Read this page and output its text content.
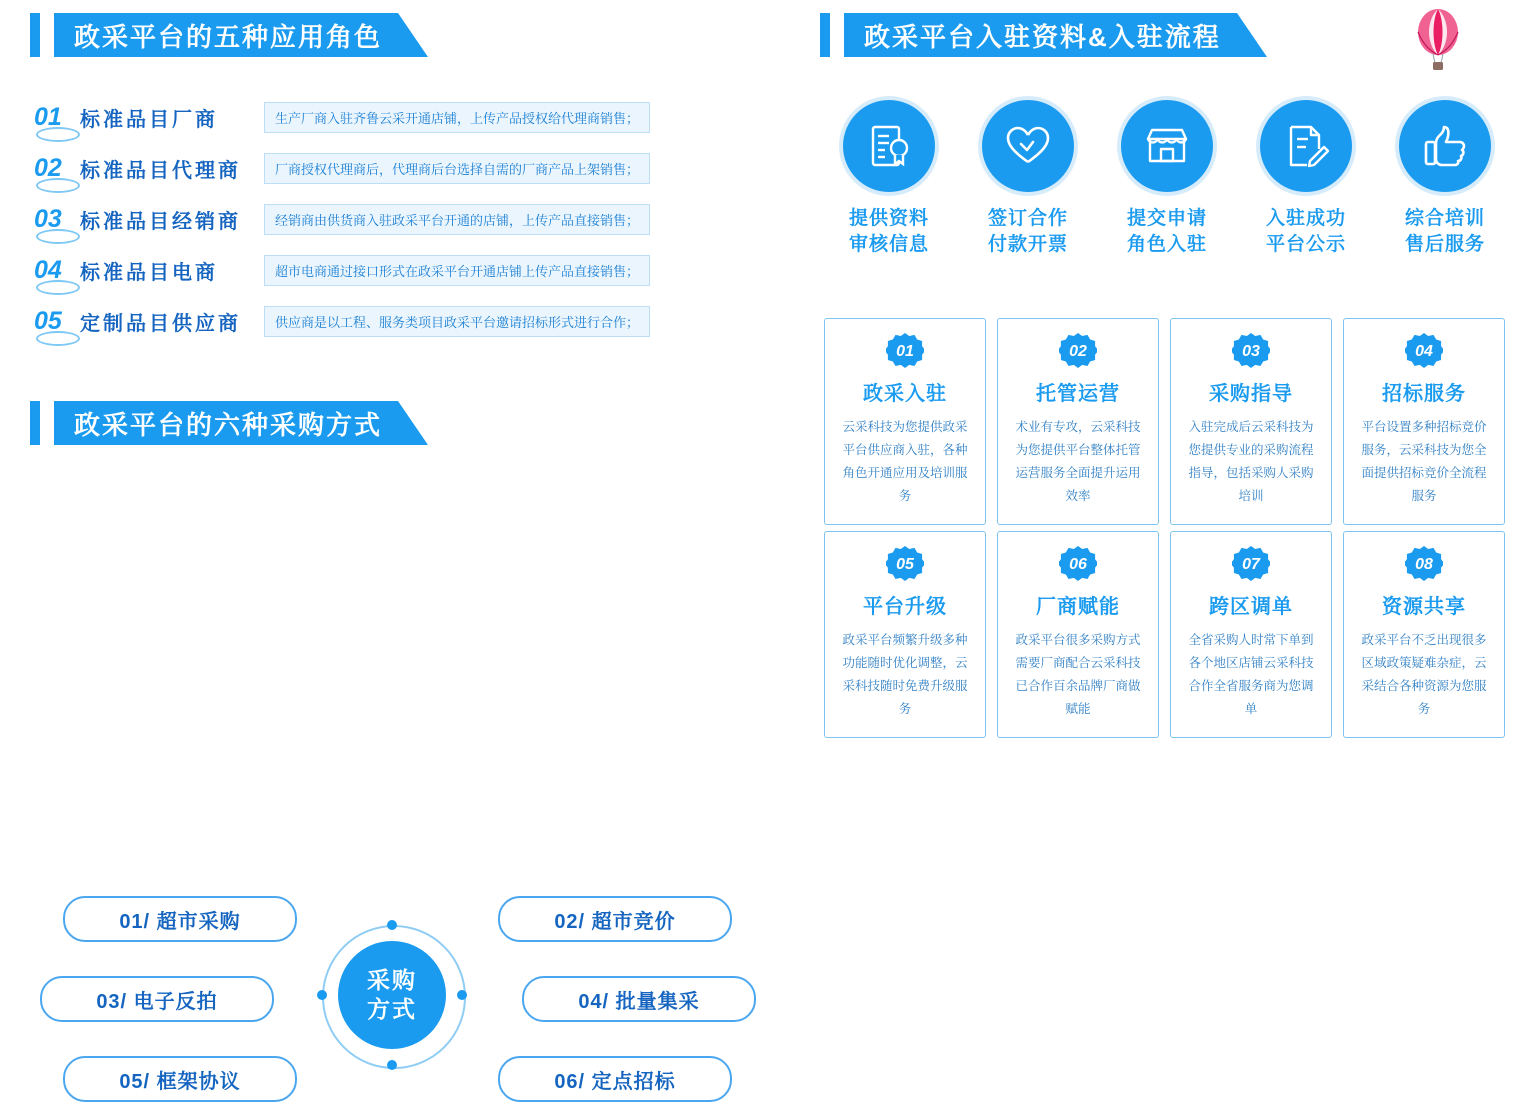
政采平台的五种应用角色
01 标准品目厂商	生产厂商入驻齐鲁云采开通店铺，上传产品授权给代理商销售；
02 标准品目代理商	厂商授权代理商后，代理商后台选择自需的厂商产品上架销售；
03 标准品目经销商	经销商由供货商入驻政采平台开通的店铺，上传产品直接销售；
04 标准品目电商	超市电商通过接口形式在政采平台开通店铺上传产品直接销售；
05 定制品目供应商	供应商是以工程、服务类项目政采平台邀请招标形式进行合作；
政采平台的六种采购方式
采购
方式
01/ 超市采购	02/ 超市竞价
03/ 电子反拍	04/ 批量集采
05/ 框架协议	06/ 定点招标
政采平台入驻资料&入驻流程
提供资料
审核信息
签订合作
付款开票
提交申请
角色入驻
入驻成功
平台公示
综合培训
售后服务
01
政采入驻
云采科技为您提供政采平台供应商入驻，各种角色开通应用及培训服务
02
托管运营
术业有专攻，云采科技为您提供平台整体托管运营服务全面提升运用效率
03
采购指导
入驻完成后云采科技为您提供专业的采购流程指导，包括采购人采购培训
04
招标服务
平台设置多种招标竞价服务，云采科技为您全面提供招标竞价全流程服务
05
平台升级
政采平台频繁升级多种功能随时优化调整，云采科技随时免费升级服务
06
厂商赋能
政采平台很多采购方式需要厂商配合云采科技已合作百余品牌厂商做赋能
07
跨区调单
全省采购人时常下单到各个地区店铺云采科技合作全省服务商为您调单
08
资源共享
政采平台不乏出现很多区域政策疑难杂症，云采结合各种资源为您服务
